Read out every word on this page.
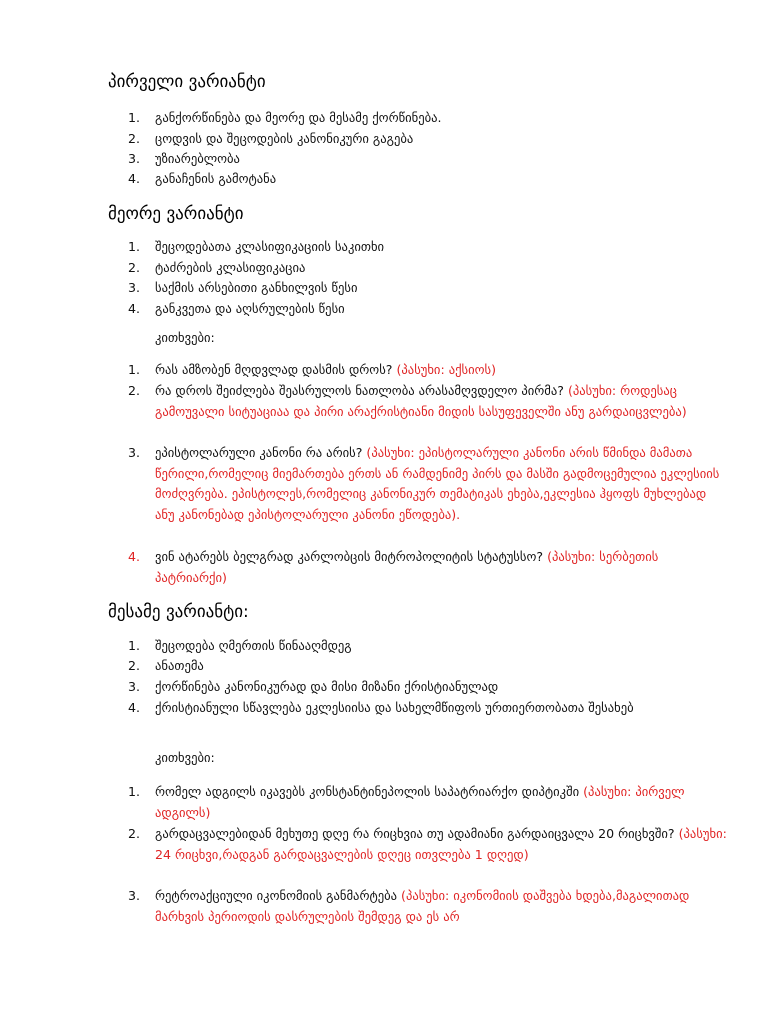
პირველი ვარიანტი
1.	განქორწინება და მეორე და მესამე ქორწინება.
2.	ცოდვის და შეცოდების კანონიკური გაგება
3.	უზიარებლობა
4.	განაჩენის გამოტანა
მეორე ვარიანტი
1.	შეცოდებათა კლასიფიკაციის საკითხი
2.	ტაძრების კლასიფიკაცია
3.	საქმის არსებითი განხილვის წესი
4.	განკვეთა და აღსრულების წესი
კითხვები:
1.	რას ამზობენ მღდვლად დასმის დროს? (პასუხი: აქსიოს)
2.	რა დროს შეიძლება შეასრულოს ნათლობა არასამღვდელო პირმა? (პასუხი: როდესაც გამოუვალი სიტუაციაა და პირი არაქრისტიანი მიდის სასუფეველში ანუ გარდაიცვლება)
3.	ეპისტოლარული კანონი რა არის? (პასუხი: ეპისტოლარული კანონი არის წმინდა მამათა წერილი,რომელიც მიემართება ერთს ან რამდენიმე პირს და მასში გადმოცემულია ეკლესიის მოძღვრება. ეპისტოლეს,რომელიც კანონიკურ თემატიკას ეხება,ეკლესია ჰყოფს მუხლებად ანუ კანონებად ეპისტოლარული კანონი ეწოდება).
4.	ვინ ატარებს ბელგრად კარლობცის მიტროპოლიტის სტატუსსო? (პასუხი: სერბეთის პატრიარქი)
მესამე ვარიანტი:
1.	შეცოდება ღმერთის წინააღმდეგ
2.	ანათემა
3.	ქორწინება კანონიკურად და მისი მიზანი ქრისტიანულად
4.	ქრისტიანული სწავლება ეკლესიისა და სახელმწიფოს ურთიერთობათა შესახებ
კითხვები:
1.	რომელ ადგილს იკავებს კონსტანტინეპოლის საპატრიარქო დიპტიკში (პასუხი: პირველ ადგილს)
2.	გარდაცვალებიდან მეხუთე დღე რა რიცხვია თუ ადამიანი გარდაიცვალა 20 რიცხვში? (პასუხი: 24 რიცხვი,რადგან გარდაცვალების დღეც ითვლება 1 დღედ)
3.	რეტროაქციული იკონომიის განმარტება (პასუხი: იკონომიის დაშვება ხდება,მაგალითად მარხვის პერიოდის დასრულების შემდეგ და ეს არ
